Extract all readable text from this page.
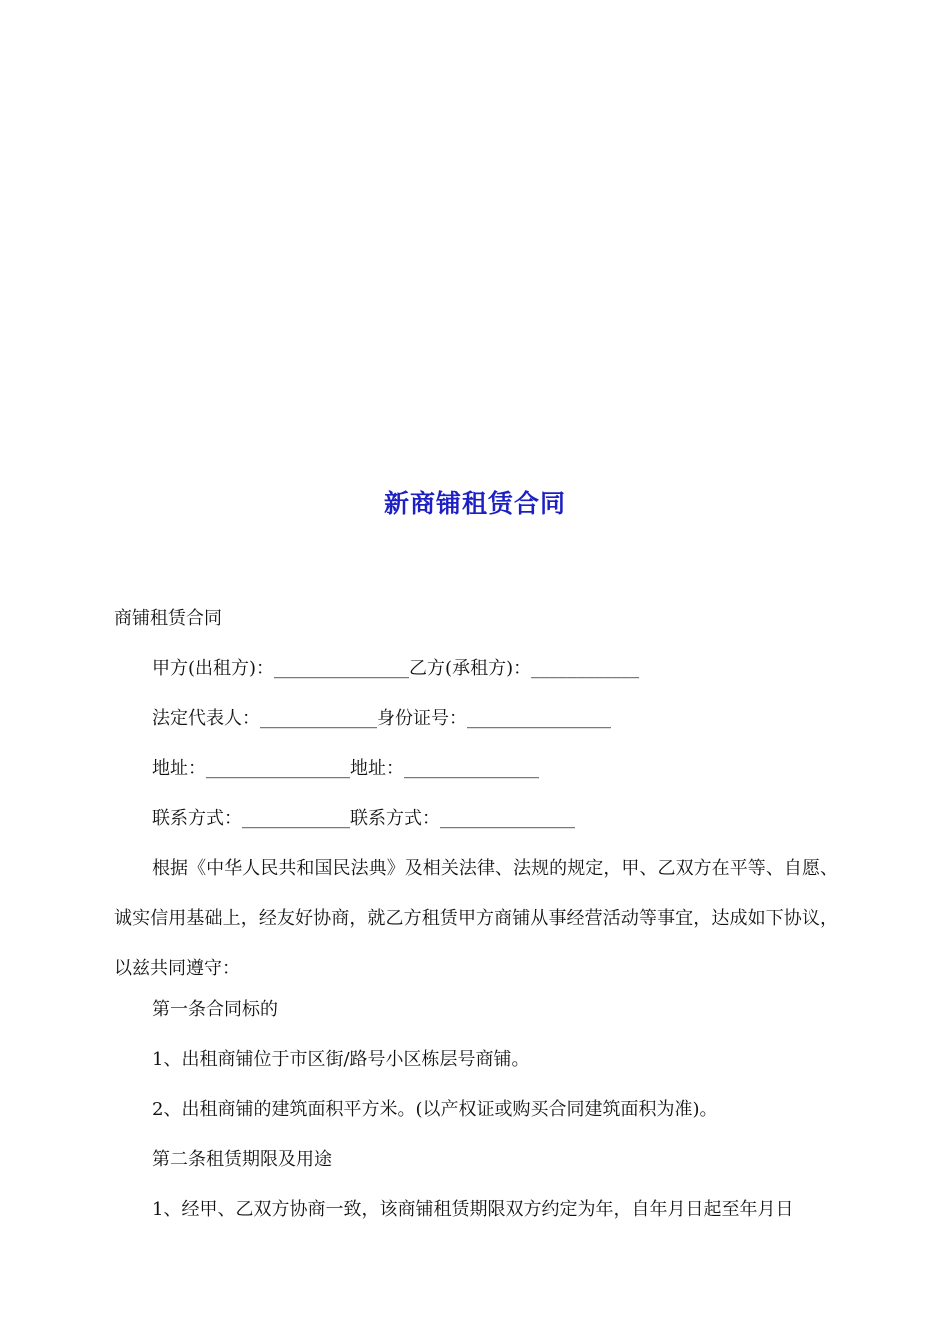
新商铺租赁合同
商铺租赁合同
甲方(出租方)：_______________乙方(承租方)：____________
法定代表人：_____________身份证号：________________
地址：________________地址：_______________
联系方式：____________联系方式：_______________

根据《中华人民共和国民法典》及相关法律、法规的规定，甲、乙双方在平等、自愿、诚实信用基础上，经友好协商，就乙方租赁甲方商铺从事经营活动等事宜，达成如下协议，以兹共同遵守：

第一条合同标的
1、出租商铺位于市区街/路号小区栋层号商铺。
2、出租商铺的建筑面积平方米。(以产权证或购买合同建筑面积为准)。
第二条租赁期限及用途
1、经甲、乙双方协商一致，该商铺租赁期限双方约定为年，自年月日起至年月日
